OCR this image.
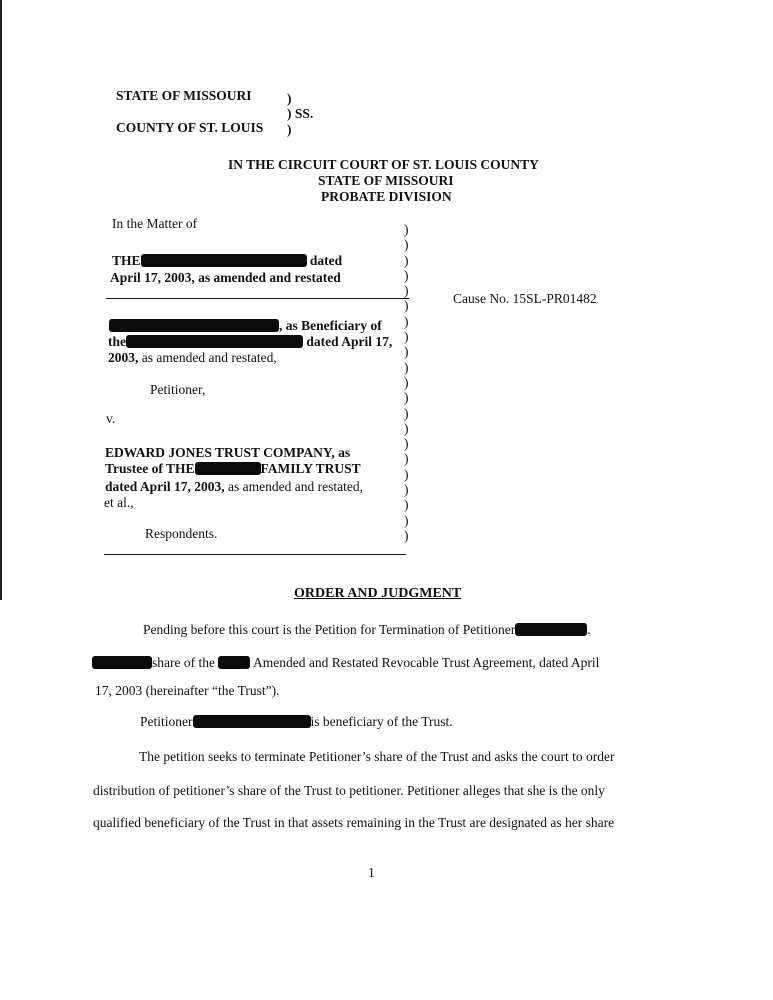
STATE OF MISSOURI	)
) SS.
COUNTY OF ST. LOUIS )
IN THE CIRCUIT COURT OF ST. LOUIS COUNTY
STATE OF MISSOURI
PROBATE DIVISION
In the Matter of
THE	dated
April 17, 2003, as amended and restated
, as Beneficiary of
the	dated April 17,
2003, as amended and restated,
Petitioner,
v.
EDWARD JONES TRUST COMPANY, as
Trustee of THE	FAMILY TRUST
dated April 17, 2003, as amended and restated,
et al.,
Respondents.
)
)
)
)
)
)
)
)
)
)
)
)
)
)
)
)
)
)
)
)
)
Cause No. 15SL-PR01482
ORDER AND JUDGMENT
Pending before this court is the Petition for Termination of Petitioner	.
share of the	Amended and Restated Revocable Trust Agreement, dated April
17, 2003 (hereinafter “the Trust”).
Petitioner	is beneficiary of the Trust.
The petition seeks to terminate Petitioner’s share of the Trust and asks the court to order
distribution of petitioner’s share of the Trust to petitioner. Petitioner alleges that she is the only
qualified beneficiary of the Trust in that assets remaining in the Trust are designated as her share
1
